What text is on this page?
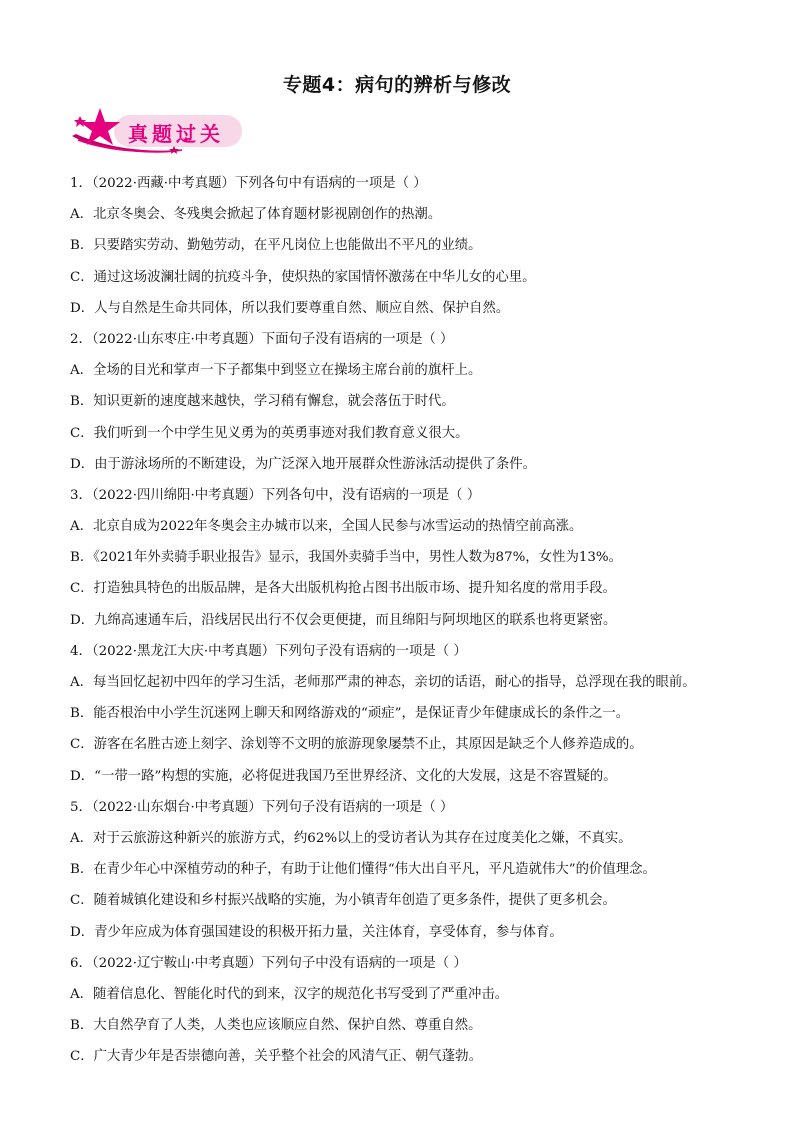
专题4：病句的辨析与修改
真题过关
1．（2022·西藏·中考真题）下列各句中有语病的一项是（ ）
A．北京冬奥会、冬残奥会掀起了体育题材影视剧创作的热潮。
B．只要踏实劳动、勤勉劳动，在平凡岗位上也能做出不平凡的业绩。
C．通过这场波澜壮阔的抗疫斗争，使炽热的家国情怀激荡在中华儿女的心里。
D．人与自然是生命共同体，所以我们要尊重自然、顺应自然、保护自然。
2．（2022·山东枣庄·中考真题）下面句子没有语病的一项是（ ）
A．全场的目光和掌声一下子都集中到竖立在操场主席台前的旗杆上。
B．知识更新的速度越来越快，学习稍有懈怠，就会落伍于时代。
C．我们听到一个中学生见义勇为的英勇事迹对我们教育意义很大。
D．由于游泳场所的不断建设，为广泛深入地开展群众性游泳活动提供了条件。
3．（2022·四川绵阳·中考真题）下列各句中，没有语病的一项是（ ）
A．北京自成为2022年冬奥会主办城市以来，全国人民参与冰雪运动的热情空前高涨。
B．《2021年外卖骑手职业报告》显示，我国外卖骑手当中，男性人数为87%，女性为13%。
C．打造独具特色的出版品牌，是各大出版机构抢占图书出版市场、提升知名度的常用手段。
D．九绵高速通车后，沿线居民出行不仅会更便捷，而且绵阳与阿坝地区的联系也将更紧密。
4．（2022·黑龙江大庆·中考真题）下列句子没有语病的一项是（ ）
A．每当回忆起初中四年的学习生活，老师那严肃的神态，亲切的话语，耐心的指导，总浮现在我的眼前。
B．能否根治中小学生沉迷网上聊天和网络游戏的“顽症”，是保证青少年健康成长的条件之一。
C．游客在名胜古迹上刻字、涂划等不文明的旅游现象屡禁不止，其原因是缺乏个人修养造成的。
D．“一带一路”构想的实施，必将促进我国乃至世界经济、文化的大发展，这是不容置疑的。
5．（2022·山东烟台·中考真题）下列句子没有语病的一项是（ ）
A．对于云旅游这种新兴的旅游方式，约62%以上的受访者认为其存在过度美化之嫌，不真实。
B．在青少年心中深植劳动的种子，有助于让他们懂得“伟大出自平凡，平凡造就伟大”的价值理念。
C．随着城镇化建设和乡村振兴战略的实施，为小镇青年创造了更多条件，提供了更多机会。
D．青少年应成为体育强国建设的积极开拓力量，关注体育，享受体育，参与体育。
6．（2022·辽宁鞍山·中考真题）下列句子中没有语病的一项是（ ）
A．随着信息化、智能化时代的到来，汉字的规范化书写受到了严重冲击。
B．大自然孕育了人类，人类也应该顺应自然、保护自然、尊重自然。
C．广大青少年是否崇德向善，关乎整个社会的风清气正、朝气蓬勃。
